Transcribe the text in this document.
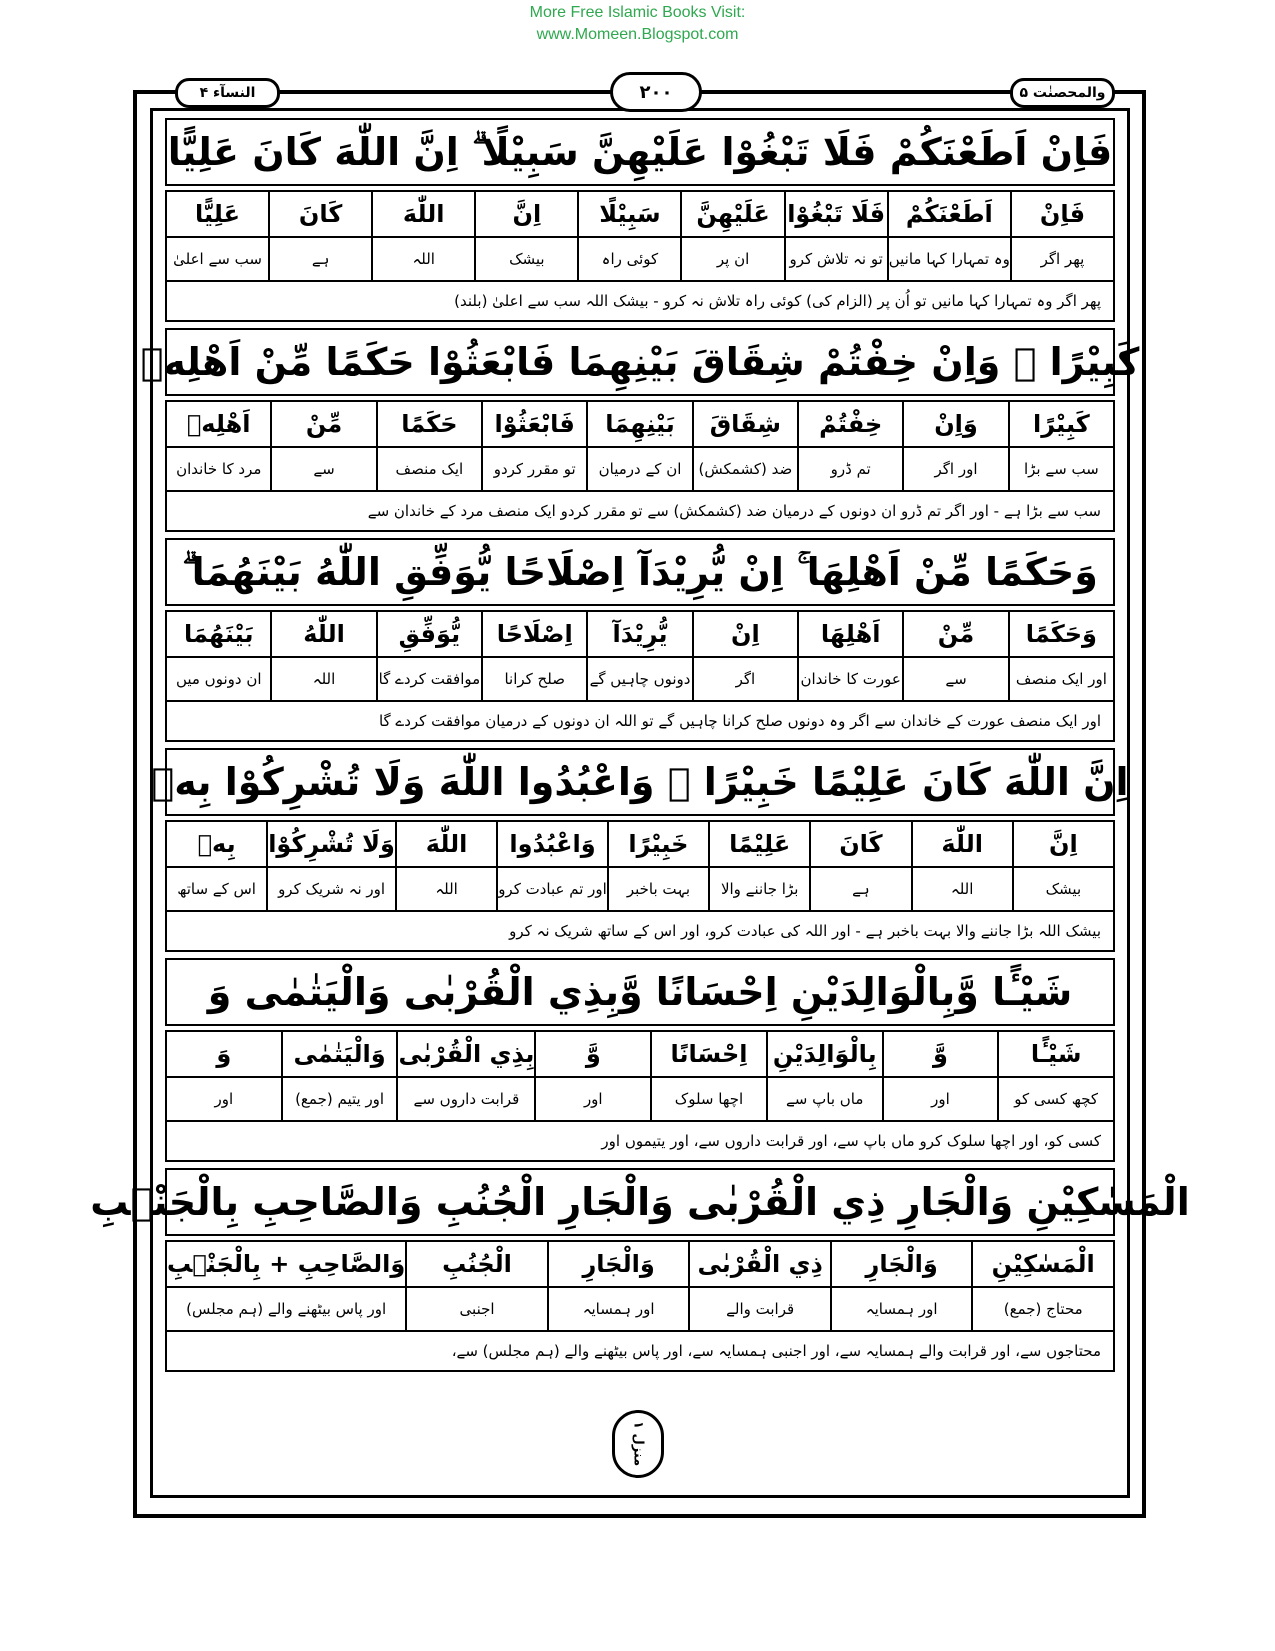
More Free Islamic Books Visit:
www.Momeen.Blogspot.com
والمحصنٰت ۵
۲۰۰
النسآء ۴
فَاِنْ اَطَعْنَكُمْ فَلَا تَبْغُوْا عَلَيْهِنَّ سَبِيْلًا ۗ اِنَّ اللّٰهَ كَانَ عَلِيًّا
فَاِنْ
پھر اگر
اَطَعْنَكُمْ
وہ تمہارا کہا مانیں
فَلَا تَبْغُوْا
تو نہ تلاش کرو
عَلَيْهِنَّ
ان پر
سَبِيْلًا
کوئی راہ
اِنَّ
بیشک
اللّٰهَ
اللہ
كَانَ
ہے
عَلِيًّا
سب سے اعلیٰ
پھر اگر وہ تمہارا کہا مانیں تو اُن پر (الزام کی) کوئی راہ تلاش نہ کرو - بیشک اللہ سب سے اعلیٰ (بلند)
كَبِيْرًا ۞ وَاِنْ خِفْتُمْ شِقَاقَ بَيْنِهِمَا فَابْعَثُوْا حَكَمًا مِّنْ اَهْلِهٖ
كَبِيْرًا
سب سے بڑا
وَاِنْ
اور اگر
خِفْتُمْ
تم ڈرو
شِقَاقَ
ضد (کشمکش)
بَيْنِهِمَا
ان کے درمیان
فَابْعَثُوْا
تو مقرر کردو
حَكَمًا
ایک منصف
مِّنْ
سے
اَهْلِهٖ
مرد کا خاندان
سب سے بڑا ہے - اور اگر تم ڈرو ان دونوں کے درمیان ضد (کشمکش) سے تو مقرر کردو ایک منصف مرد کے خاندان سے
وَحَكَمًا مِّنْ اَهْلِهَا ۚ اِنْ يُّرِيْدَآ اِصْلَاحًا يُّوَفِّقِ اللّٰهُ بَيْنَهُمَا ۗ
وَحَكَمًا
اور ایک منصف
مِّنْ
سے
اَهْلِهَا
عورت کا خاندان
اِنْ
اگر
يُّرِيْدَآ
دونوں چاہیں گے
اِصْلَاحًا
صلح کرانا
يُّوَفِّقِ
موافقت کردے گا
اللّٰهُ
اللہ
بَيْنَهُمَا
ان دونوں میں
اور ایک منصف عورت کے خاندان سے اگر وہ دونوں صلح کرانا چاہیں گے تو اللہ ان دونوں کے درمیان موافقت کردے گا
اِنَّ اللّٰهَ كَانَ عَلِيْمًا خَبِيْرًا ۞ وَاعْبُدُوا اللّٰهَ وَلَا تُشْرِكُوْا بِهٖ
اِنَّ
بیشک
اللّٰهَ
اللہ
كَانَ
ہے
عَلِيْمًا
بڑا جاننے والا
خَبِيْرًا
بہت باخبر
وَاعْبُدُوا
اور تم عبادت کرو
اللّٰهَ
اللہ
وَلَا تُشْرِكُوْا
اور نہ شریک کرو
بِهٖ
اس کے ساتھ
بیشک اللہ بڑا جاننے والا بہت باخبر ہے - اور اللہ کی عبادت کرو، اور اس کے ساتھ شریک نہ کرو
شَيْـًٔا وَّبِالْوَالِدَيْنِ اِحْسَانًا وَّبِذِي الْقُرْبٰى وَالْيَتٰمٰى وَ
شَيْـًٔا
کچھ کسی کو
وَّ
اور
بِالْوَالِدَيْنِ
ماں باپ سے
اِحْسَانًا
اچھا سلوک
وَّ
اور
بِذِي الْقُرْبٰى
قرابت داروں سے
وَالْيَتٰمٰى
اور یتیم (جمع)
وَ
اور
کسی کو، اور اچھا سلوک کرو ماں باپ سے، اور قرابت داروں سے، اور یتیموں اور
الْمَسٰكِيْنِ وَالْجَارِ ذِي الْقُرْبٰى وَالْجَارِ الْجُنُبِ وَالصَّاحِبِ بِالْجَنْۢبِ
الْمَسٰكِيْنِ
محتاج (جمع)
وَالْجَارِ
اور ہمسایہ
ذِي الْقُرْبٰى
قرابت والے
وَالْجَارِ
اور ہمسایہ
الْجُنُبِ
اجنبی
وَالصَّاحِبِ + بِالْجَنْۢبِ
اور پاس بیٹھنے والے (ہم مجلس)
محتاجوں سے، اور قرابت والے ہمسایہ سے، اور اجنبی ہمسایہ سے، اور پاس بیٹھنے والے (ہم مجلس) سے،
منزل ۱
